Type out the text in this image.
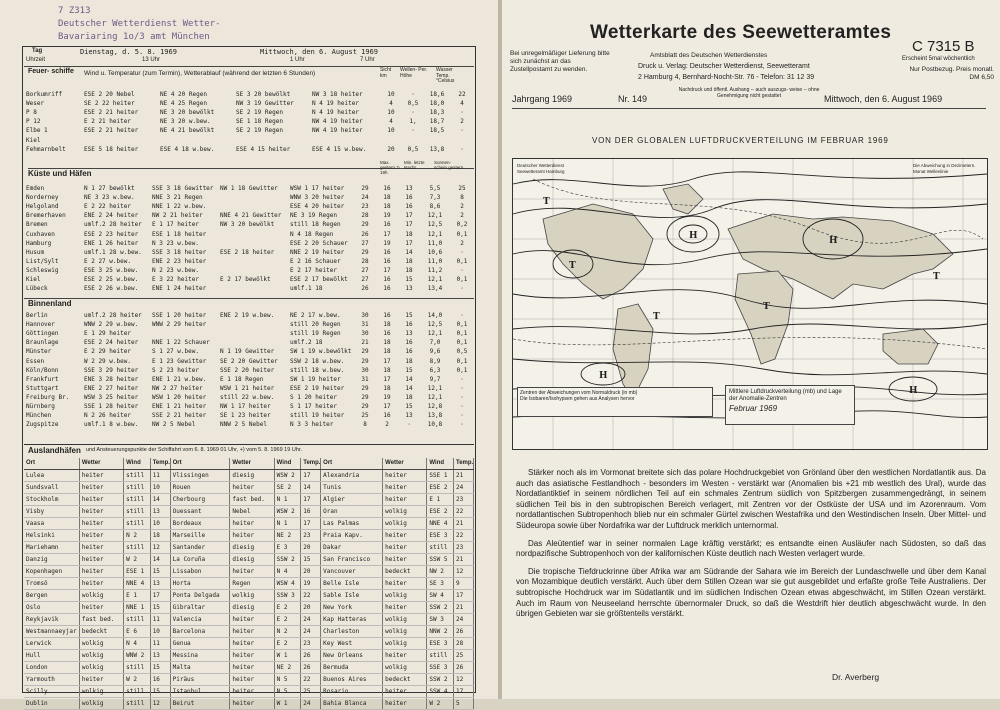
7 Z313
Deutscher Wetterdienst Wetter-
Bavariaring 1o/3 amt München
Tag
Uhrzeit
Dienstag, d. 5. 8. 1969
13 Uhr
Mittwoch, den 6. August 1969
1 Uhr	7 Uhr
Feuer- schiffe	Wind u. Temperatur (zum Termin), Wetterablauf (während der letzten 6 Stunden)	Sicht km
Wellen- Per. Höhe
Wasser Temp. °Celsius
Borkumriff	ESE 2 20 Nebel	NE 4 20 Regen	SE 3 20 bewölkt	NW 3 18 heiter	10	·	18,6	22
Weser	SE 2 22 heiter	NE 4 25 Regen	NW 3 19 Gewitter	N 4 19 heiter	4	0,5	18,0	4
P 8	ESE 2 21 heiter	NE 3 20 bewölkt	SE 2 19 Regen	N 4 19 heiter	10	·	18,3	·
P 12	E 2 21 heiter	NE 3 20 w.bew.	SE 1 18 Regen	NW 4 19 heiter	4	1,	18,7	2
Elbe 1	ESE 2 21 heiter	NE 4 21 bewölkt	SE 2 19 Regen	NW 4 19 heiter	10	·	18,5	·
Kiel								
Fehmarnbelt	ESE 5 18 heiter	ESE 4 18 w.bew.	ESE 4 15 heiter	ESE 4 15 w.bew.	20	0,5	13,8	·
Küste und Häfen
Max. gestern 7-19h
Min. letzte Nacht
Sonnen- schein gestern
Emden	N 1 27 bewölkt	SSE 3 18 Gewitter	NW 1 18 Gewitter	WSW 1 17 heiter	29	16	13	5,5	25
Norderney	NE 3 23 w.bew.	NNE 3 21 Regen		WNW 3 20 heiter	24	18	16	7,3	8
Helgoland	E 2 22 heiter	NNE 1 22 w.bew.		ESE 4 20 heiter	23	18	16	8,6	2
Bremerhaven	ENE 2 24 heiter	NW 2 21 heiter	NNE 4 21 Gewitter	NE 3 19 Regen	28	19	17	12,1	2
Bremen	umlf.2 28 heiter	E 1 17 heiter	NW 3 20 bewölkt	still 18 Regen	29	16	17	12,5	0,2
Cuxhaven	ESE 2 23 heiter	ESE 1 18 heiter		N 4 18 Regen	26	17	18	12,1	0,1
Hamburg	ENE 1 26 heiter	N 3 23 w.bew.		ESE 2 20 Schauer	27	19	17	11,0	2
Husum	umlf.1 28 w.bew.	SSE 3 18 heiter	ESE 2 18 heiter	NNE 2 19 heiter	29	16	14	10,6	·
List/Sylt	E 2 27 w.bew.	ENE 2 23 heiter		E 2 16 Schauer	28	16	18	11,0	0,1
Schleswig	ESE 3 25 w.bew.	N 2 23 w.bew.		E 2 17 heiter	27	17	18	11,2	·
Kiel	ESE 2 25 w.bew.	E 3 22 heiter	E 2 17 bewölkt	ESE 2 17 bewölkt	27	16	15	12,1	0,1
Lübeck	ESE 2 26 w.bew.	ENE 1 24 heiter		umlf.1 18	26	16	13	13,4	·
Binnenland
Berlin	umlf.2 28 heiter	SSE 1 20 heiter	ENE 2 19 w.bew.	NE 2 17 w.bew.	30	16	15	14,0	·
Hannover	WNW 2 29 w.bew.	WNW 2 29 heiter		still 20 Regen	31	18	16	12,5	0,1
Göttingen	E 1 29 heiter			still 19 Regen	30	16	13	12,1	0,1
Braunlage	ESE 2 24 heiter	NNE 1 22 Schauer		umlf.2 18	21	18	16	7,0	0,1
Münster	E 2 29 heiter	S 1 27 w.bew.	N 1 19 Gewitter	SW 1 19 w.bewölkt	29	18	16	9,6	0,5
Essen	W 2 29 w.bew.	E 1 23 Gewitter	SE 2 20 Gewitter	SSW 2 18 w.bew.	29	17	18	8,9	0,1
Köln/Bonn	SSE 3 29 heiter	S 2 23 heiter	SSE 2 20 heiter	still 18 w.bew.	30	18	15	6,3	0,1
Frankfurt	ENE 3 28 heiter	ENE 1 21 w.bew.	E 1 18 Regen	SW 1 19 heiter	31	17	14	9,7	·
Stuttgart	ENE 2 27 heiter	NW 2 27 heiter	WSW 1 21 heiter	ESE 2 19 heiter	29	18	14	12,1	·
Freiburg Br.	WSW 3 25 heiter	WSW 1 20 heiter	still 22 w.bew.	S 1 20 heiter	29	19	18	12,1	·
Nürnberg	SSE 1 28 heiter	ENE 1 21 heiter	NW 1 17 heiter	S 1 17 heiter	29	17	15	12,8	·
München	N 2 26 heiter	SSE 2 21 heiter	SE 1 23 heiter	still 19 heiter	25	16	13	13,8	·
Zugspitze	umlf.1 8 w.bew.	NW 2 5 Nebel	NNW 2 5 Nebel	N 3 3 heiter	8	2	·	10,8	·
Auslandhäfen und Ansteuerungspunkte der Schiffahrt vom 6. 8. 1969 01 Uhr, +) vom 5. 8. 1969 19 Uhr.
Ort	Wetter	Wind	Temp.	Ort	Wetter	Wind	Temp.	Ort	Wetter	Wind	Temp.
Lulea	heiter	still	11	Vlissingen	diesig	WSW 2	17	Alexandria	heiter	SSE 1	21
Sundsvall	heiter	still	10	Rouen	heiter	SE 2	14	Tunis	heiter	ESE 2	24
Stockholm	heiter	still	14	Cherbourg	fast bed.	N 1	17	Algier	heiter	E 1	23
Visby	heiter	still	13	Ouessant	Nebel	WSW 2	16	Oran	wolkig	ESE 2	22
Vaasa	heiter	still	10	Bordeaux	heiter	N 1	17	Las Palmas	wolkig	NNE 4	21
Helsinki	heiter	N 2	18	Marseille	heiter	NE 2	23	Praia Kapv.	heiter	ESE 3	22
Mariehamn	heiter	still	12	Santander	diesig	E 3	20	Dakar	heiter	still	23
Danzig	heiter	W 2	14	La Coruña	diesig	SSW 2	15	San Francisco	heiter	SSW 5	21
Kopenhagen	heiter	ESE 1	15	Lissabon	heiter	N 4	20	Vancouver	bedeckt	NW 2	12
Tromsö	heiter	NNE 4	13	Horta	Regen	WSW 4	19	Belle Isle	heiter	SE 3	9
Bergen	wolkig	E 1	17	Ponta Delgada	wolkig	SSW 3	22	Sable Isle	wolkig	SW 4	17
Oslo	heiter	NNE 1	15	Gibraltar	diesig	E 2	20	New York	heiter	SSW 2	21
Reykjavik	fast bed.	still	11	Valencia	heiter	E 2	24	Kap Hatteras	wolkig	SW 3	24
Westmannaeyjar	bedeckt	E 6	10	Barcelona	heiter	N 2	24	Charleston	wolkig	NNW 2	26
Lerwick	wolkig	N 4	11	Genua	heiter	E 2	23	Key West	wolkig	ESE 3	28
Hull	wolkig	WNW 2	13	Messina	heiter	W 1	26	New Orleans	heiter	still	25
London	wolkig	still	15	Malta	heiter	NE 2	26	Bermuda	wolkig	SSE 3	26
Yarmouth	heiter	W 2	16	Piräus	heiter	N 5	22	Buenos Aires	bedeckt	SSW 2	12
Scilly	wolkig	still	15	Istanbul	heiter	N 5	25	Rosario	heiter	SSW 4	17
Dublin	wolkig	still	12	Beirut	heiter	W 1	24	Bahia Blanca	heiter	W 2	5
Wetterkarte des Seewetteramtes
C 7315 B
Erscheint 5mal wöchentlich
Bei unregelmäßiger Lieferung bitte sich zunächst an das Zustellpostamt zu wenden.
Amtsblatt des Deutschen Wetterdienstes
Druck u. Verlag: Deutscher Wetterdienst, Seewetteramt
2 Hamburg 4, Bernhard-Nocht-Str. 76 - Telefon: 31 12 39
Nur Postbezug. Preis monatl. DM 6,50
Nachdruck und öffentl. Aushang -- auch auszugs- weise -- ohne Genehmigung nicht gestattet
Jahrgang 1969	Nr. 149	Mittwoch, den 6. August 1969
VON DER GLOBALEN LUFTDRUCKVERTEILUNG IM FEBRUAR 1969
H	H
T
H
H
T
T
T
T
Deutscher Wetterdienst Seewetteramt Hamburg
Die Abweichung in Dezimetern. Monat Wellenlinie
Zentren der Abweichungen vom Normaldruck (in mb)
Die Isobaren/Isohypsen gehen aus Analysen hervor
Mittlere Luftdruckverteilung (mb) und Lage der Anomalie-Zentren
Februar 1969

Stärker noch als im Vormonat breitete sich das polare Hochdruckgebiet von Grönland über den westlichen Nordatlantik aus. Da auch das asiatische Festlandhoch - besonders im Westen - verstärkt war (Anomalien bis +21 mb westlich des Ural), wurde das Nordatlantiktief in seinem nördlichen Teil auf ein schmales Zentrum südlich von Spitzbergen zusammengedrängt, in seinem südlichen Teil bis in den subtropischen Bereich verlagert, mit Zentren vor der Ostküste der USA und im Azorenraum. Vom nordatlantischen Subtropenhoch blieb nur ein schmaler Gürtel zwischen Westafrika und den Westindischen Inseln. Über Mittel- und Südeuropa sowie über Nordafrika war der Luftdruck merklich unternormal.

Das Aleütentief war in seiner normalen Lage kräftig verstärkt; es entsandte einen Ausläufer nach Südosten, so daß das nordpazifische Subtropenhoch von der kalifornischen Küste deutlich nach Westen verlagert wurde.

Die tropische Tiefdruckrinne über Afrika war am Südrande der Sahara wie im Bereich der Lundaschwelle und über dem Kanal von Mozambique deutlich verstärkt. Auch über dem Stillen Ozean war sie gut ausgebildet und erfaßte große Teile Australiens. Der subtropische Hochdruck war im Südatlantik und im südlichen Indischen Ozean etwas abgeschwächt, im Stillen Ozean verstärkt. Auch im Raum von Neuseeland herrschte übernormaler Druck, so daß die Westdrift hier deutlich abgeschwächt wurde. In den übrigen Gebieten war sie größtenteils verstärkt.

Dr. Averberg
